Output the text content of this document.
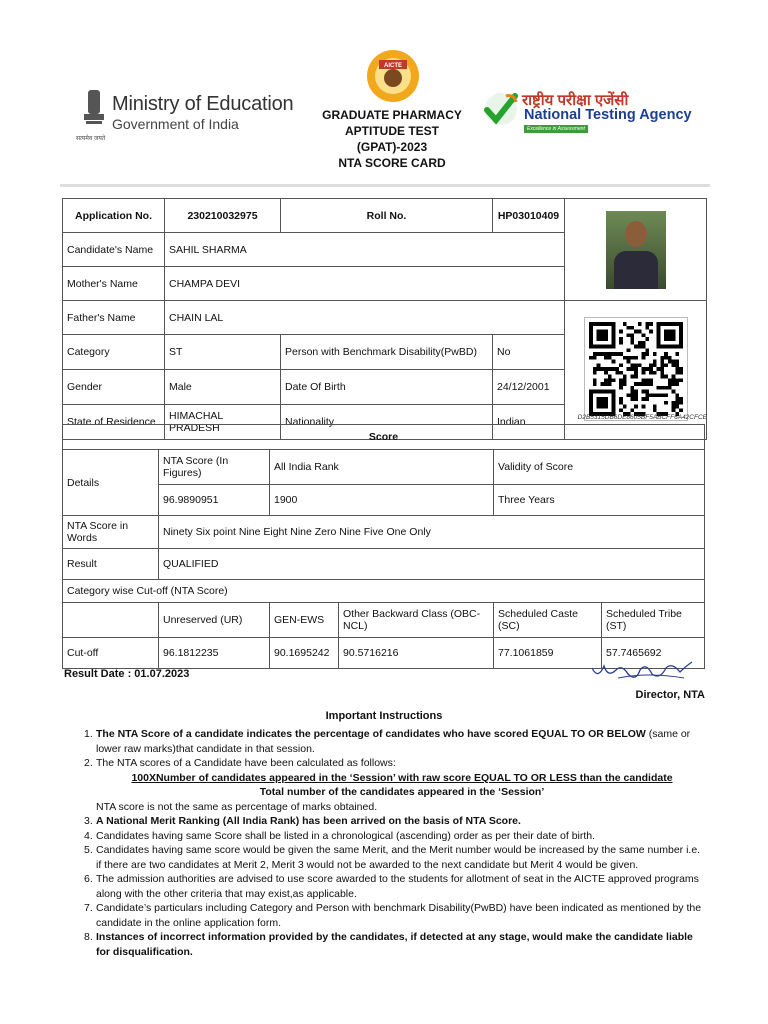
Ministry of Education
Government of India
सत्यमेव जयते
AICTE
GRADUATE PHARMACY
APTITUDE TEST
(GPAT)-2023
NTA SCORE CARD
राष्ट्रीय परीक्षा एजेंसी
National Testing Agency
Excellence in Assessment
Application No.	230210032975	Roll No.	HP03010409	

Candidate's Name	SAHIL SHARMA			
Mother's Name	CHAMPA DEVI			
Father's Name	CHAIN LAL	
Category	ST	Person with Benchmark Disability(PwBD)	No	
Gender	Male	Date Of Birth	24/12/2001	
State of Residence	HIMACHAL PRADESH	Nationality	Indian		D2B5315DB6DE8605BF5ABCFF6A42CFCE
Score					
Details	NTA Score (In Figures)	All India Rank		Validity of Score	
	96.9890951	1900		Three Years	
NTA Score in Words	Ninety Six point Nine Eight Nine Zero Nine Five One Only				
Result	QUALIFIED				
Category wise Cut-off (NTA Score)					
	Unreserved (UR)	GEN-EWS	Other Backward Class (OBC-NCL)	Scheduled Caste (SC)	Scheduled Tribe (ST)
Cut-off	96.1812235	90.1695242	90.5716216	77.1061859	57.7465692
Result Date : 01.07.2023
Director, NTA
Important Instructions
1. The NTA Score of a candidate indicates the percentage of candidates who have scored EQUAL TO OR BELOW (same or lower raw marks)that candidate in that session.
2. The NTA scores of a Candidate have been calculated as follows:
100XNumber of candidates appeared in the ‘Session’ with raw score EQUAL TO OR LESS than the candidate
Total number of the candidates appeared in the ‘Session’
NTA score is not the same as percentage of marks obtained.
3. A National Merit Ranking (All India Rank) has been arrived on the basis of NTA Score.
4. Candidates having same Score shall be listed in a chronological (ascending) order as per their date of birth.
5. Candidates having same score would be given the same Merit, and the Merit number would be increased by the same number i.e. if there are two candidates at Merit 2, Merit 3 would not be awarded to the next candidate but Merit 4 would be given.
6. The admission authorities are advised to use score awarded to the students for allotment of seat in the AICTE approved programs along with the other criteria that may exist,as applicable.
7. Candidate’s particulars including Category and Person with benchmark Disability(PwBD) have been indicated as mentioned by the candidate in the online application form.
8. Instances of incorrect information provided by the candidates, if detected at any stage, would make the candidate liable for disqualification.
